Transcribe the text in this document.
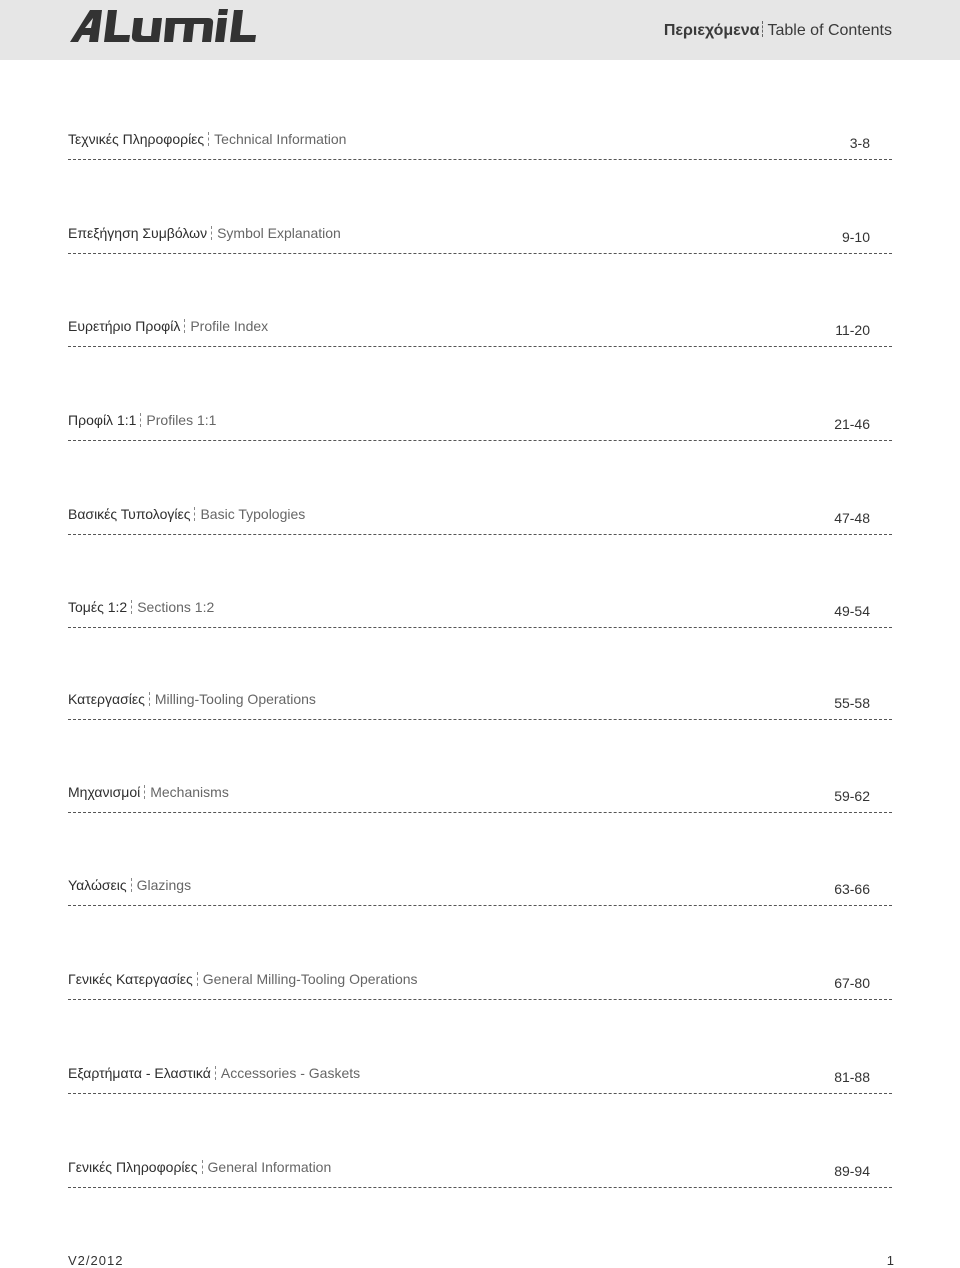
Περιεχόμενα Table of Contents
Τεχνικές Πληροφορίες Technical Information	3-8
Επεξήγηση Συμβόλων Symbol Explanation	9-10
Ευρετήριο Προφίλ Profile Index	11-20
Προφίλ 1:1 Profiles 1:1	21-46
Βασικές Τυπολογίες Basic Typologies	47-48
Τομές 1:2 Sections 1:2	49-54
Κατεργασίες Milling-Tooling Operations	55-58
Μηχανισμοί Mechanisms	59-62
Υαλώσεις Glazings	63-66
Γενικές Κατεργασίες General Milling-Tooling Operations	67-80
Εξαρτήματα - Ελαστικά Accessories - Gaskets	81-88
Γενικές Πληροφορίες General Information	89-94
V2/2012	1
